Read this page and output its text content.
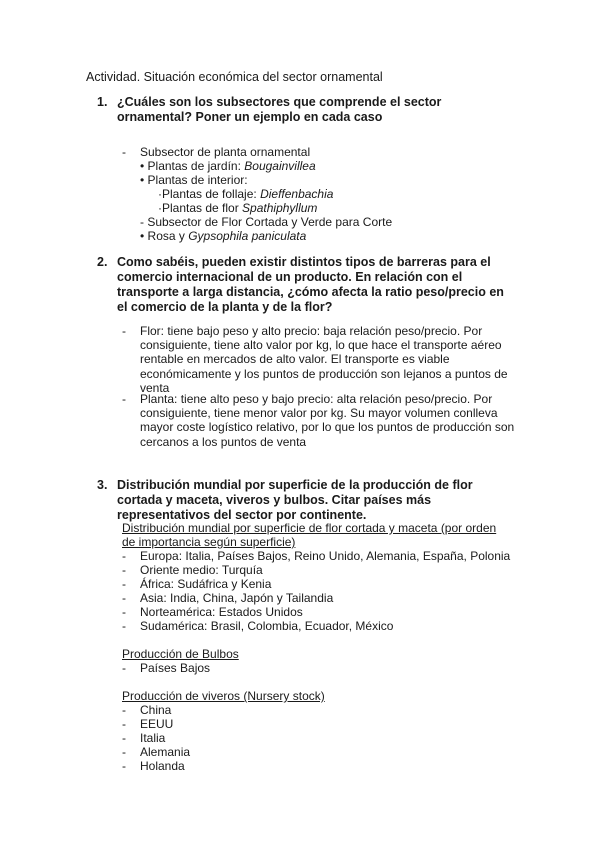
Actividad. Situación económica del sector ornamental
1. ¿Cuáles son los subsectores que comprende el sector ornamental? Poner un ejemplo en cada caso
- Subsector de planta ornamental
• Plantas de jardín: Bougainvillea
• Plantas de interior:
·Plantas de follaje: Dieffenbachia
·Plantas de flor Spathiphyllum
- Subsector de Flor Cortada y Verde para Corte
• Rosa y Gypsophila paniculata
2. Como sabéis, pueden existir distintos tipos de barreras para el comercio internacional de un producto. En relación con el transporte a larga distancia, ¿cómo afecta la ratio peso/precio en el comercio de la planta y de la flor?
- Flor: tiene bajo peso y alto precio: baja relación peso/precio. Por consiguiente, tiene alto valor por kg, lo que hace el transporte aéreo rentable en mercados de alto valor. El transporte es viable económicamente y los puntos de producción son lejanos a puntos de venta
- Planta: tiene alto peso y bajo precio: alta relación peso/precio. Por consiguiente, tiene menor valor por kg. Su mayor volumen conlleva mayor coste logístico relativo, por lo que los puntos de producción son cercanos a los puntos de venta
3. Distribución mundial por superficie de la producción de flor cortada y maceta, viveros y bulbos. Citar países más representativos del sector por continente.
Distribución mundial por superficie de flor cortada y maceta (por orden
de importancia según superficie)
- Europa: Italia, Países Bajos, Reino Unido, Alemania, España, Polonia
- Oriente medio: Turquía
- África: Sudáfrica y Kenia
- Asia: India, China, Japón y Tailandia
- Norteamérica: Estados Unidos
- Sudamérica: Brasil, Colombia, Ecuador, México
Producción de Bulbos
- Países Bajos
Producción de viveros (Nursery stock)
- China
- EEUU
- Italia
- Alemania
- Holanda
